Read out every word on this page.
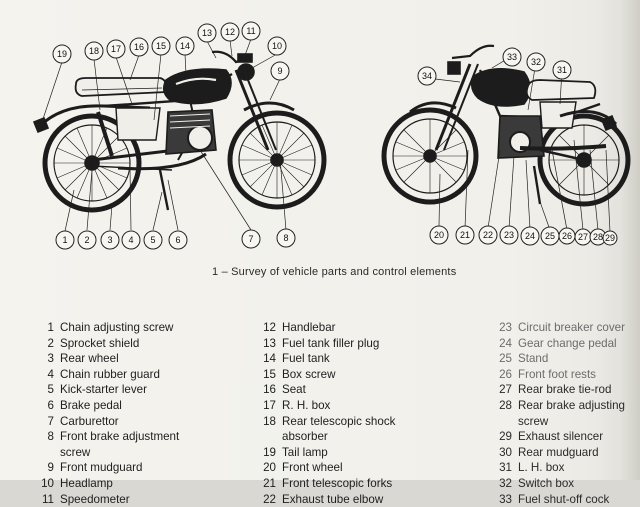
19 18 17 16 15 14
13 12 11
10
9
1 2 3 4 5 6	7	8
34
33 32
31
20 21 22 23 24 25 26 27 28 29
1 – Survey of vehicle parts and control elements
1 Chain adjusting screw
2 Sprocket shield
3 Rear wheel
4 Chain rubber guard
5 Kick-starter lever
6 Brake pedal
7 Carburettor
8 Front brake adjustment
screw
9 Front mudguard
10 Headlamp
11 Speedometer
12 Handlebar
13 Fuel tank filler plug
14 Fuel tank
15 Box screw
16 Seat
17 R. H. box
18 Rear telescopic shock
absorber
19 Tail lamp
20 Front wheel
21 Front telescopic forks
22 Exhaust tube elbow
23 Circuit breaker cover
24 Gear change pedal
25 Stand
26 Front foot rests
27 Rear brake tie-rod
28 Rear brake adjusting
screw
29 Exhaust silencer
30 Rear mudguard
31 L. H. box
32 Switch box
33 Fuel shut-off cock
